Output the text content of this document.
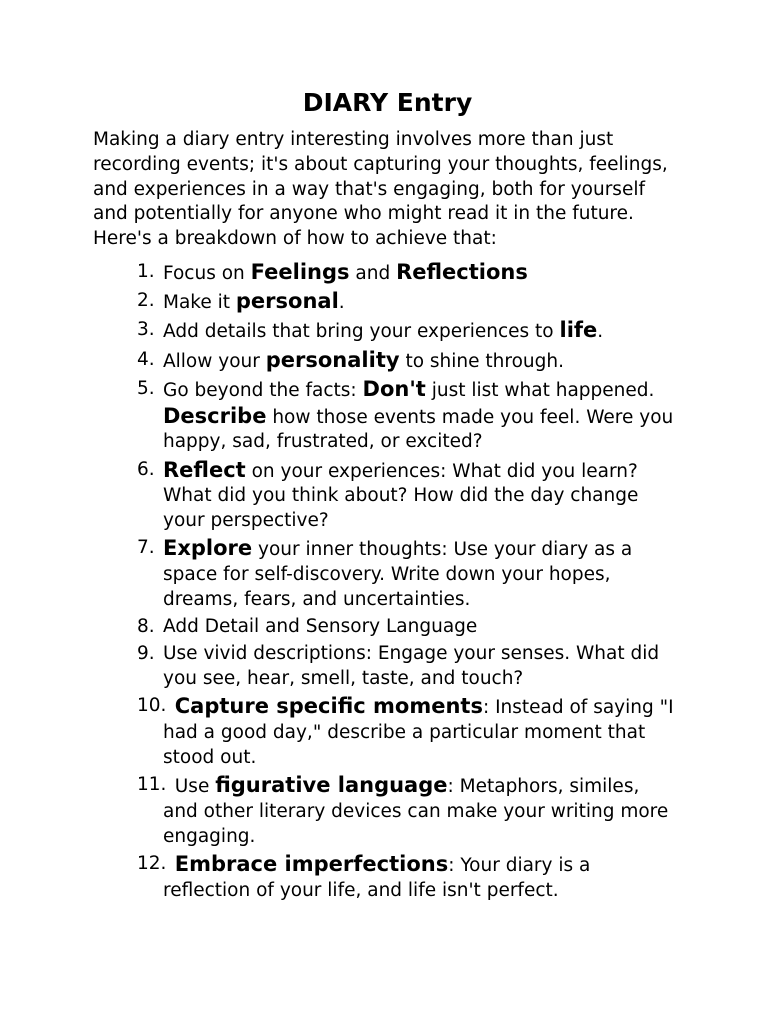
DIARY Entry

Making a diary entry interesting involves more than just recording events; it's about capturing your thoughts, feelings, and experiences in a way that's engaging, both for yourself and potentially for anyone who might read it in the future. Here's a breakdown of how to achieve that:

1. Focus on Feelings and Reflections
2. Make it personal.
3. Add details that bring your experiences to life.
4. Allow your personality to shine through.
5. Go beyond the facts: Don't just list what happened. Describe how those events made you feel. Were you happy, sad, frustrated, or excited?
6. Reflect on your experiences: What did you learn? What did you think about? How did the day change your perspective?
7. Explore your inner thoughts: Use your diary as a space for self-discovery. Write down your hopes, dreams, fears, and uncertainties.
8. Add Detail and Sensory Language
9. Use vivid descriptions: Engage your senses. What did you see, hear, smell, taste, and touch?
10. Capture specific moments: Instead of saying "I had a good day," describe a particular moment that stood out.
11.
Use figurative language: Metaphors, similes, and other literary devices can make your writing more engaging.
12. Embrace imperfections: Your diary is a reflection of your life, and life isn't perfect.
